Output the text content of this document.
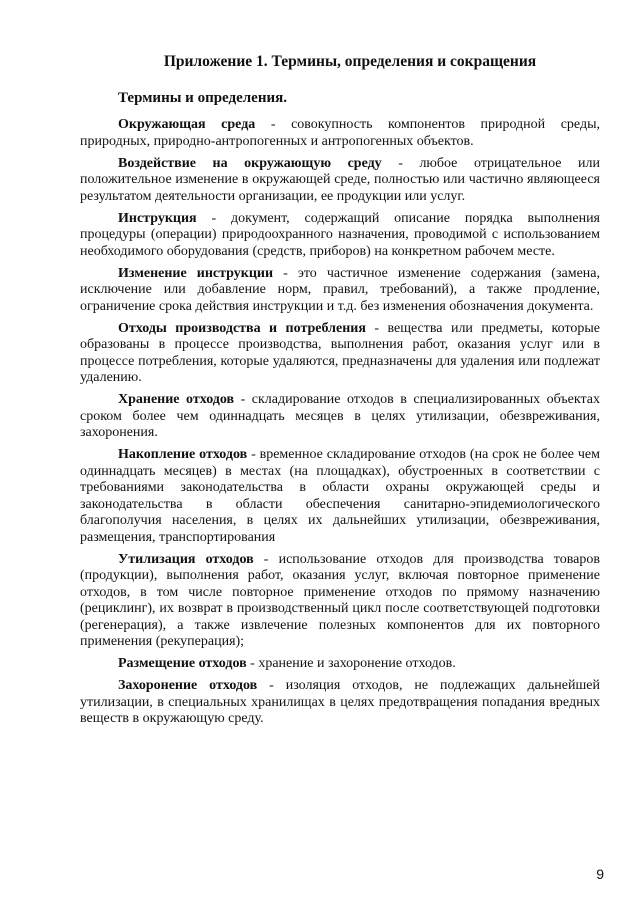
Приложение 1. Термины, определения и сокращения
Термины и определения.

Окружающая среда - совокупность компонентов природной среды, природных, природно-антропогенных и антропогенных объектов.

Воздействие на окружающую среду - любое отрицательное или положительное изменение в окружающей среде, полностью или частично являющееся результатом деятельности организации, ее продукции или услуг.

Инструкция - документ, содержащий описание порядка выполнения процедуры (операции) природоохранного назначения, проводимой с использованием необходимого оборудования (средств, приборов) на конкретном рабочем месте.

Изменение инструкции - это частичное изменение содержания (замена, исключение или добавление норм, правил, требований), а также продление, ограничение срока действия инструкции и т.д. без изменения обозначения документа.

Отходы производства и потребления - вещества или предметы, которые образованы в процессе производства, выполнения работ, оказания услуг или в процессе потребления, которые удаляются, предназначены для удаления или подлежат удалению.

Хранение отходов - складирование отходов в специализированных объектах сроком более чем одиннадцать месяцев в целях утилизации, обезвреживания, захоронения.

Накопление отходов - временное складирование отходов (на срок не более чем одиннадцать месяцев) в местах (на площадках), обустроенных в соответствии с требованиями законодательства в области охраны окружающей среды и законодательства в области обеспечения санитарно-эпидемиологического благополучия населения, в целях их дальнейших утилизации, обезвреживания, размещения, транспортирования

Утилизация отходов - использование отходов для производства товаров (продукции), выполнения работ, оказания услуг, включая повторное применение отходов, в том числе повторное применение отходов по прямому назначению (рециклинг), их возврат в производственный цикл после соответствующей подготовки (регенерация), а также извлечение полезных компонентов для их повторного применения (рекуперация);

Размещение отходов - хранение и захоронение отходов.

Захоронение отходов - изоляция отходов, не подлежащих дальнейшей утилизации, в специальных хранилищах в целях предотвращения попадания вредных веществ в окружающую среду.

9
